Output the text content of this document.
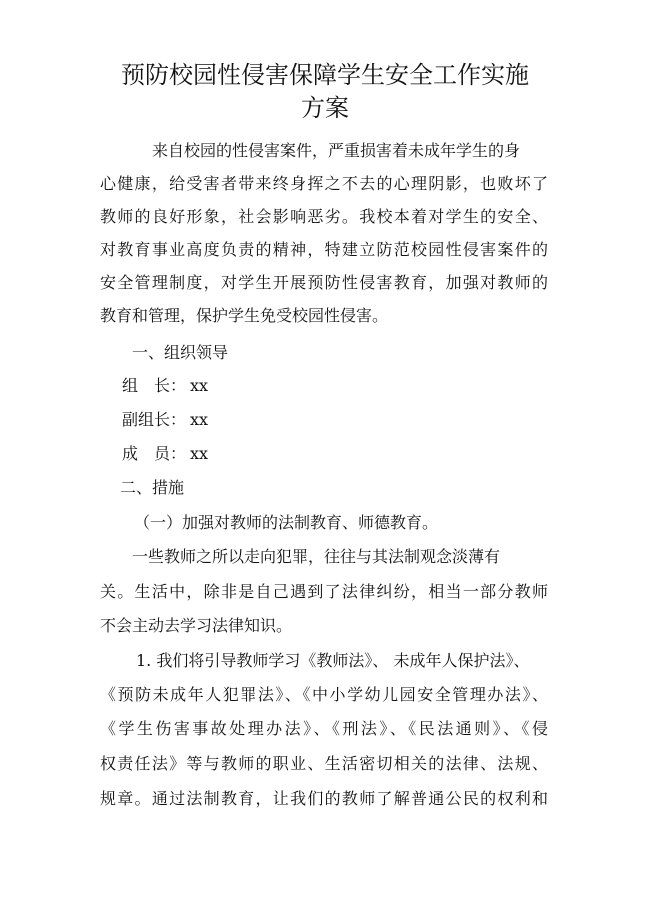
预防校园性侵害保障学生安全工作实施
方案

来自校园的性侵害案件，严重损害着未成年学生的身

心健康，给受害者带来终身挥之不去的心理阴影，也败坏了

教师的良好形象，社会影响恶劣。我校本着对学生的安全、

对教育事业高度负责的精神，特建立防范校园性侵害案件的

安全管理制度，对学生开展预防性侵害教育，加强对教师的

教育和管理，保护学生免受校园性侵害。

一、组织领导

组　长： xx
副组长： xx
成　员： xx

二、措施

（一）加强对教师的法制教育、师德教育。

一些教师之所以走向犯罪，往往与其法制观念淡薄有

关。生活中，除非是自己遇到了法律纠纷，相当一部分教师

不会主动去学习法律知识。

1. 我们将引导教师学习《教师法》、 未成年人保护法》、

《预防未成年人犯罪法》、《中小学幼儿园安全管理办法》、

《学生伤害事故处理办法》、《刑法》、《民法通则》、《侵

权责任法》等与教师的职业、生活密切相关的法律、法规、

规章。通过法制教育，让我们的教师了解普通公民的权利和
